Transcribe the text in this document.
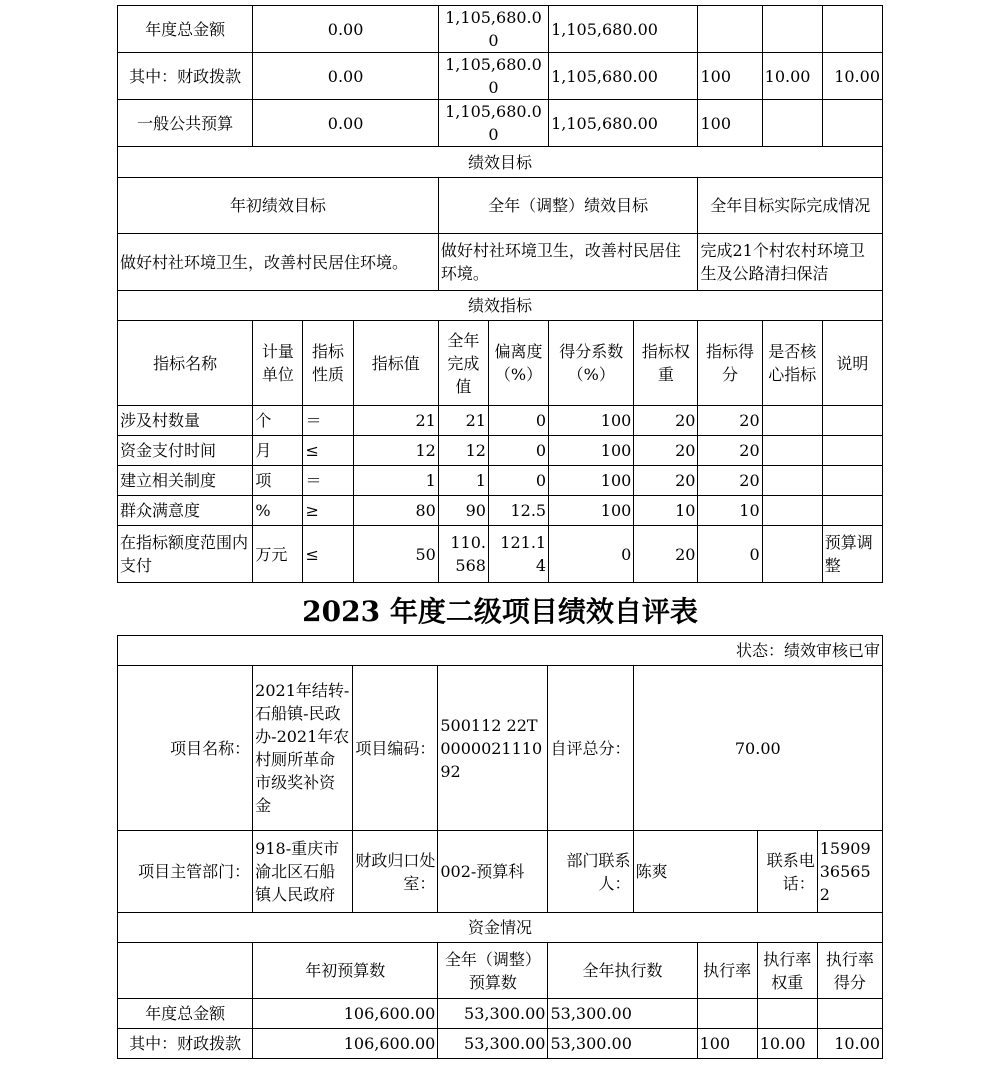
年度总金额	0.00			1,105,680.00		1,105,680.00				
其中：财政拨款	0.00			1,105,680.00		1,105,680.00		100	10.00	10.00
一般公共预算	0.00			1,105,680.00		1,105,680.00		100		
绩效目标										
年初绩效目标				全年（调整）绩效目标				全年目标实际完成情况		
做好村社环境卫生，改善村民居住环境。				做好村社环境卫生，改善村民居住环境。				完成21个村农村环境卫生及公路清扫保洁		
绩效指标										
指标名称	计量单位	指标性质	指标值	全年完成值	偏离度（%）	得分系数（%）	指标权重	指标得分	是否核心指标	说明
涉及村数量	个	＝	21	21	0	100	20	20		
资金支付时间	月	≤	12	12	0	100	20	20		
建立相关制度	项	＝	1	1	0	100	20	20		
群众满意度	%	≥	80	90	12.5	100	10	10		
在指标额度范围内支付	万元	≤	50	110.568	121.14	0	20	0		预算调整
2023 年度二级项目绩效自评表
状态：绩效审核已审								
项目名称：	2021年结转-石船镇-民政办-2021年农村厕所革命市级奖补资金	项目编码：	500112 22T000002111092	自评总分：	70.00			
项目主管部门：	918-重庆市渝北区石船镇人民政府	财政归口处室：	002-预算科	部门联系人：	陈爽		联系电话：	15909365652
资金情况								
	年初预算数		全年（调整）预算数	全年执行数		执行率	执行率权重	执行率得分
年度总金额	106,600.00		53,300.00	53,300.00				
其中：财政拨款	106,600.00		53,300.00	53,300.00		100	10.00	10.00
